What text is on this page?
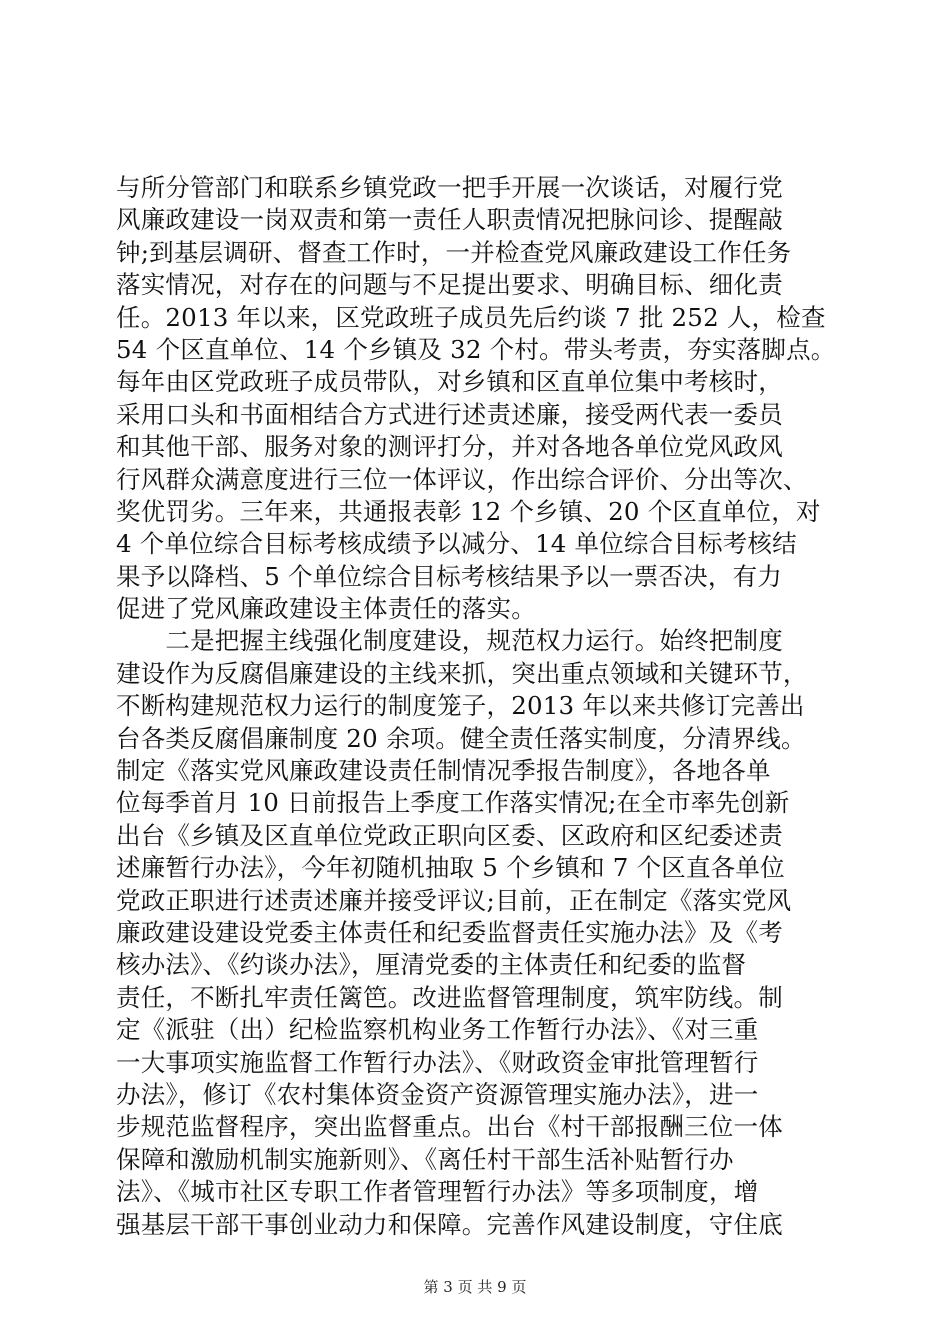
与所分管部门和联系乡镇党政一把手开展一次谈话，对履行党
风廉政建设一岗双责和第一责任人职责情况把脉问诊、提醒敲
钟;到基层调研、督查工作时，一并检查党风廉政建设工作任务
落实情况，对存在的问题与不足提出要求、明确目标、细化责
任。2013 年以来，区党政班子成员先后约谈 7 批 252 人，检查
54 个区直单位、14 个乡镇及 32 个村。带头考责，夯实落脚点。
每年由区党政班子成员带队，对乡镇和区直单位集中考核时，
采用口头和书面相结合方式进行述责述廉，接受两代表一委员
和其他干部、服务对象的测评打分，并对各地各单位党风政风
行风群众满意度进行三位一体评议，作出综合评价、分出等次、
奖优罚劣。三年来，共通报表彰 12 个乡镇、20 个区直单位，对
4 个单位综合目标考核成绩予以减分、14 单位综合目标考核结
果予以降档、5 个单位综合目标考核结果予以一票否决，有力
促进了党风廉政建设主体责任的落实。
　　二是把握主线强化制度建设，规范权力运行。始终把制度
建设作为反腐倡廉建设的主线来抓，突出重点领域和关键环节，
不断构建规范权力运行的制度笼子，2013 年以来共修订完善出
台各类反腐倡廉制度 20 余项。健全责任落实制度，分清界线。
制定《落实党风廉政建设责任制情况季报告制度》，各地各单
位每季首月 10 日前报告上季度工作落实情况;在全市率先创新
出台《乡镇及区直单位党政正职向区委、区政府和区纪委述责
述廉暂行办法》，今年初随机抽取 5 个乡镇和 7 个区直各单位
党政正职进行述责述廉并接受评议;目前，正在制定《落实党风
廉政建设建设党委主体责任和纪委监督责任实施办法》及《考
核办法》、《约谈办法》，厘清党委的主体责任和纪委的监督
责任，不断扎牢责任篱笆。改进监督管理制度，筑牢防线。制
定《派驻（出）纪检监察机构业务工作暂行办法》、《对三重
一大事项实施监督工作暂行办法》、《财政资金审批管理暂行
办法》，修订《农村集体资金资产资源管理实施办法》，进一
步规范监督程序，突出监督重点。出台《村干部报酬三位一体
保障和激励机制实施新则》、《离任村干部生活补贴暂行办
法》、《城市社区专职工作者管理暂行办法》等多项制度，增
强基层干部干事创业动力和保障。完善作风建设制度，守住底
第 3 页 共 9 页
